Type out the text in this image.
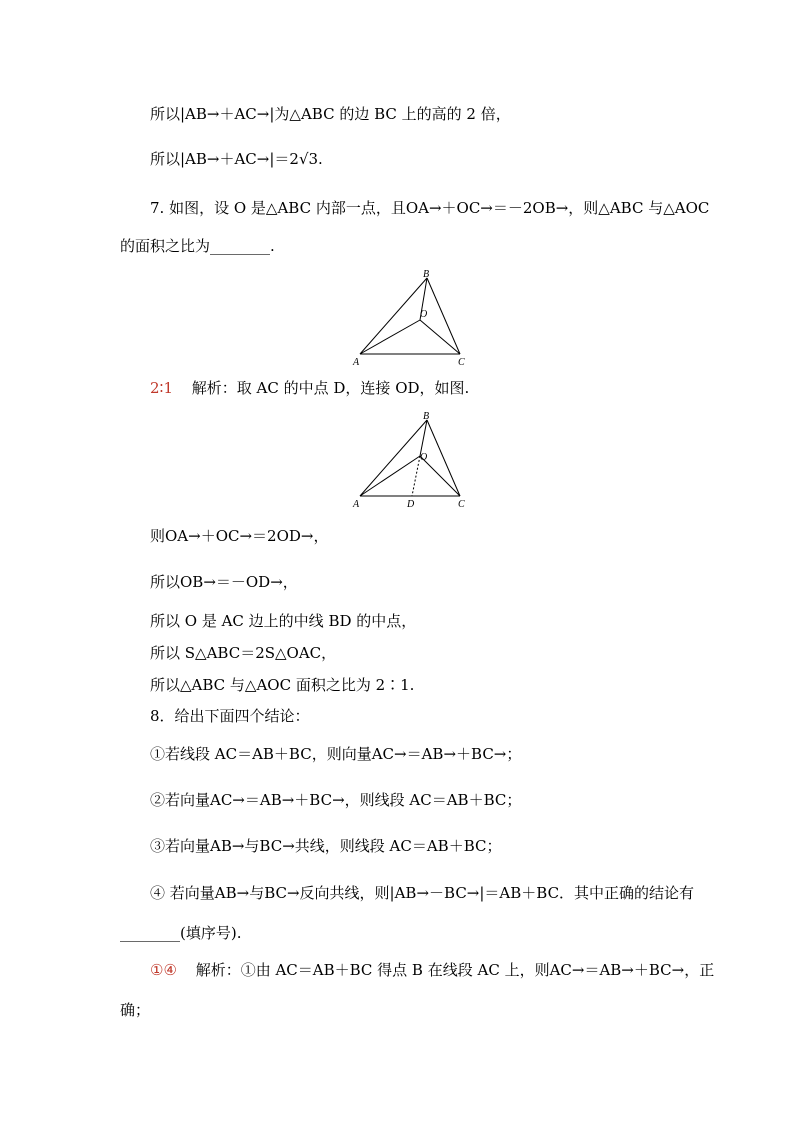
所以|AB→＋AC→|为△ABC 的边 BC 上的高的 2 倍，
所以|AB→＋AC→|＝2√3.
7. 如图，设 O 是△ABC 内部一点，且OA→＋OC→＝－2OB→，则△ABC 与△AOC
的面积之比为________.
B
O
A	C
2∶1 解析：取 AC 的中点 D，连接 OD，如图.
B
O
A	D	C
则OA→＋OC→＝2OD→，
所以OB→＝－OD→，
所以 O 是 AC 边上的中线 BD 的中点，
所以 S△ABC＝2S△OAC，
所以△ABC 与△AOC 面积之比为 2∶1.
8．给出下面四个结论：
①若线段 AC＝AB＋BC，则向量AC→＝AB→＋BC→；
②若向量AC→＝AB→＋BC→，则线段 AC＝AB＋BC；
③若向量AB→与BC→共线，则线段 AC＝AB＋BC；
④ 若向量AB→与BC→反向共线，则|AB→－BC→|＝AB＋BC．其中正确的结论有
________(填序号).
①④ 解析：①由 AC＝AB＋BC 得点 B 在线段 AC 上，则AC→＝AB→＋BC→，正
确；
